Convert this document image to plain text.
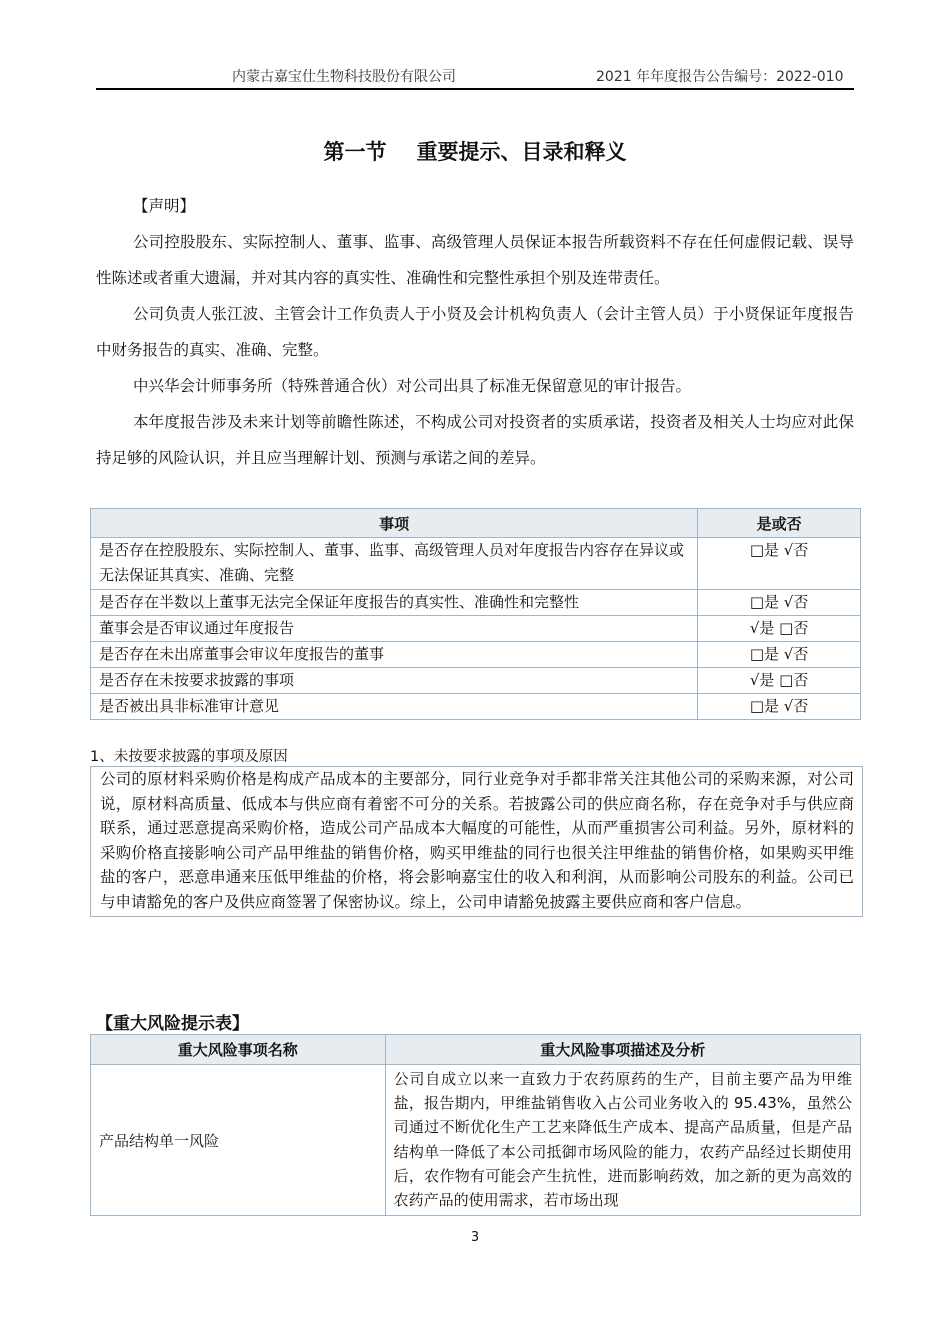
内蒙古嘉宝仕生物科技股份有限公司	2021 年年度报告公告编号：2022-010
第一节 重要提示、目录和释义
【声明】
公司控股股东、实际控制人、董事、监事、高级管理人员保证本报告所载资料不存在任何虚假记载、误导性陈述或者重大遗漏，并对其内容的真实性、准确性和完整性承担个别及连带责任。
公司负责人张江波、主管会计工作负责人于小贤及会计机构负责人（会计主管人员）于小贤保证年度报告中财务报告的真实、准确、完整。
中兴华会计师事务所（特殊普通合伙）对公司出具了标准无保留意见的审计报告。
本年度报告涉及未来计划等前瞻性陈述，不构成公司对投资者的实质承诺，投资者及相关人士均应对此保持足够的风险认识，并且应当理解计划、预测与承诺之间的差异。
事项	是或否
是否存在控股股东、实际控制人、董事、监事、高级管理人员对年度报告内容存在异议或无法保证其真实、准确、完整	□是 √否
是否存在半数以上董事无法完全保证年度报告的真实性、准确性和完整性	□是 √否
董事会是否审议通过年度报告	√是 □否
是否存在未出席董事会审议年度报告的董事	□是 √否
是否存在未按要求披露的事项	√是 □否
是否被出具非标准审计意见	□是 √否
1、未按要求披露的事项及原因
公司的原材料采购价格是构成产品成本的主要部分，同行业竞争对手都非常关注其他公司的采购来源，对公司说，原材料高质量、低成本与供应商有着密不可分的关系。若披露公司的供应商名称，存在竞争对手与供应商联系，通过恶意提高采购价格，造成公司产品成本大幅度的可能性，从而严重损害公司利益。另外，原材料的采购价格直接影响公司产品甲维盐的销售价格，购买甲维盐的同行也很关注甲维盐的销售价格，如果购买甲维盐的客户，恶意串通来压低甲维盐的价格，将会影响嘉宝仕的收入和利润，从而影响公司股东的利益。公司已与申请豁免的客户及供应商签署了保密协议。综上，公司申请豁免披露主要供应商和客户信息。
【重大风险提示表】
重大风险事项名称	重大风险事项描述及分析
产品结构单一风险	公司自成立以来一直致力于农药原药的生产，目前主要产品为甲维盐，报告期内，甲维盐销售收入占公司业务收入的 95.43%，虽然公司通过不断优化生产工艺来降低生产成本、提高产品质量，但是产品结构单一降低了本公司抵御市场风险的能力，农药产品经过长期使用后，农作物有可能会产生抗性，进而影响药效，加之新的更为高效的农药产品的使用需求，若市场出现
3
